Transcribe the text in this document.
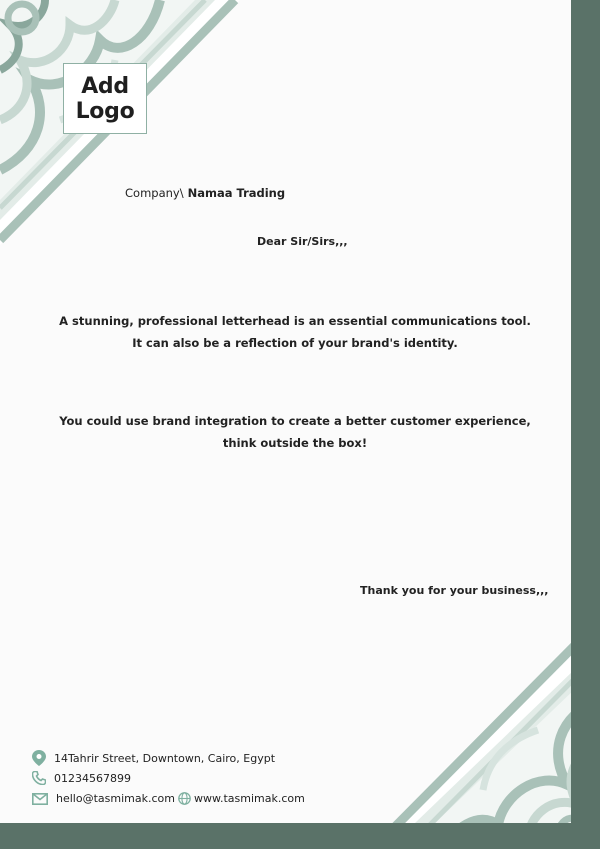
Add
Logo
Company\ Namaa Trading
Dear Sir/Sirs,,,
A stunning, professional letterhead is an essential communications tool.
It can also be a reflection of your brand's identity.
You could use brand integration to create a better customer experience,
think outside the box!
Thank you for your business,,,
14Tahrir Street, Downtown, Cairo, Egypt
01234567899
hello@tasmimak.com www.tasmimak.com
